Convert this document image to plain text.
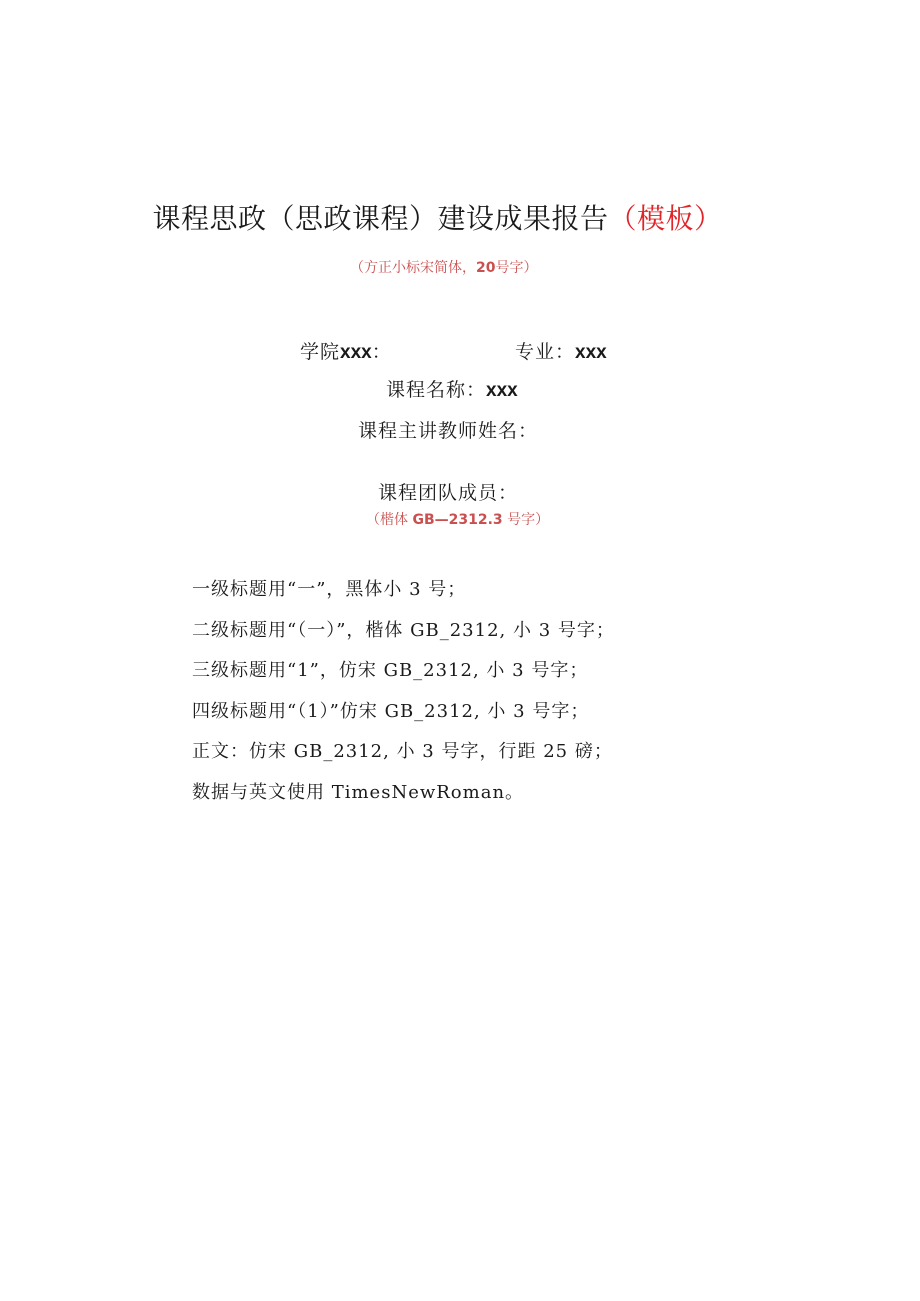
课程思政（思政课程）建设成果报告（模板）
（方正小标宋简体，20号字）
学院xxx：	专业：xxx
课程名称：xxx
课程主讲教师姓名：
课程团队成员：
（楷体 GB—2312.3 号字）
一级标题用“一”，黑体小 3 号；
二级标题用“（一）”，楷体 GB_2312, 小 3 号字；
三级标题用“1”，仿宋 GB_2312, 小 3 号字；
四级标题用“（1）”仿宋 GB_2312, 小 3 号字；
正文：仿宋 GB_2312, 小 3 号字，行距 25 磅；
数据与英文使用 TimesNewRoman。
